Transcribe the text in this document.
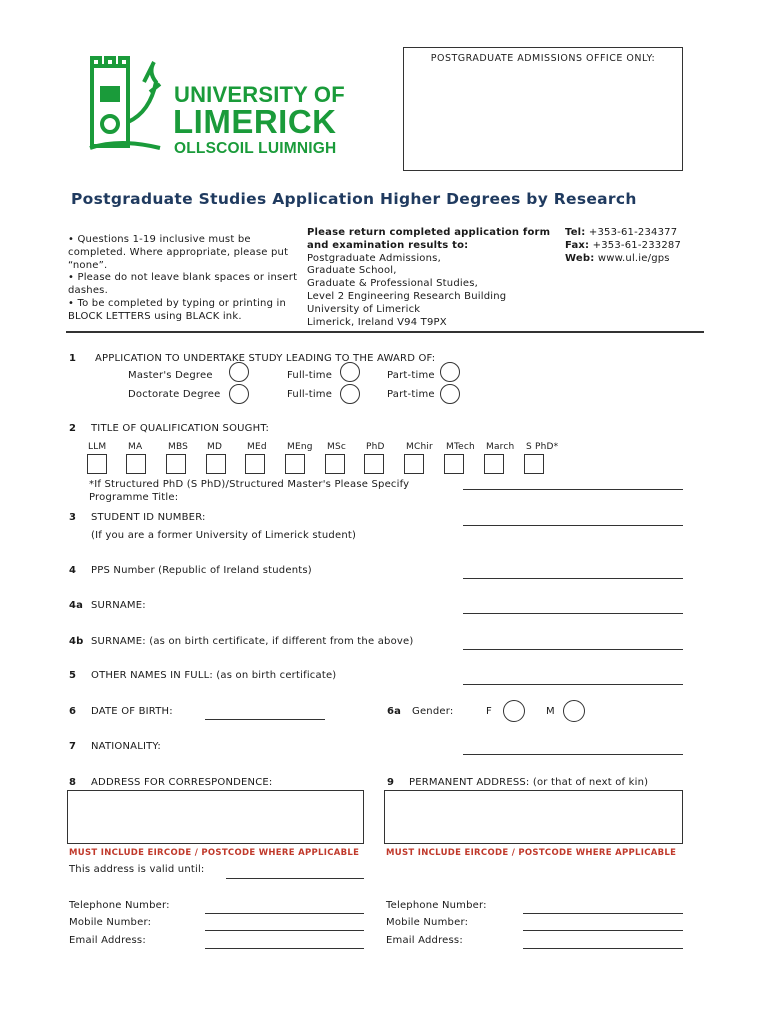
UNIVERSITY OF
LIMERICK
OLLSCOIL LUIMNIGH
POSTGRADUATE ADMISSIONS OFFICE ONLY:
Postgraduate Studies Application Higher Degrees by Research
• Questions 1-19 inclusive must be completed. Where appropriate, please put “none”.
• Please do not leave blank spaces or insert dashes.
• To be completed by typing or printing in BLOCK LETTERS using BLACK ink.
Please return completed application form and examination results to:
Postgraduate Admissions,
Graduate School,
Graduate & Professional Studies,
Level 2 Engineering Research Building
University of Limerick
Limerick, Ireland V94 T9PX
Tel: +353-61-234377
Fax: +353-61-233287
Web: www.ul.ie/gps
1 APPLICATION TO UNDERTAKE STUDY LEADING TO THE AWARD OF:
Master's Degree	Full-time	Part-time
Doctorate Degree	Full-time	Part-time
2 TITLE OF QUALIFICATION SOUGHT:
LLM MA	MBS MD	MEd MEng MSc PhD MChir MTech March S PhD*
*If Structured PhD (S PhD)/Structured Master's Please Specify Programme Title:
3 STUDENT ID NUMBER:
(If you are a former University of Limerick student)
4 PPS Number (Republic of Ireland students)
4a SURNAME:
4b SURNAME: (as on birth certificate, if different from the above)
5 OTHER NAMES IN FULL: (as on birth certificate)
6 DATE OF BIRTH:	6a Gender:	F	M
7 NATIONALITY:
8 ADDRESS FOR CORRESPONDENCE:	9 PERMANENT ADDRESS: (or that of next of kin)
MUST INCLUDE EIRCODE / POSTCODE WHERE APPLICABLE	MUST INCLUDE EIRCODE / POSTCODE WHERE APPLICABLE
This address is valid until:
Telephone Number:
Mobile Number:
Email Address:
Telephone Number:
Mobile Number:
Email Address:
